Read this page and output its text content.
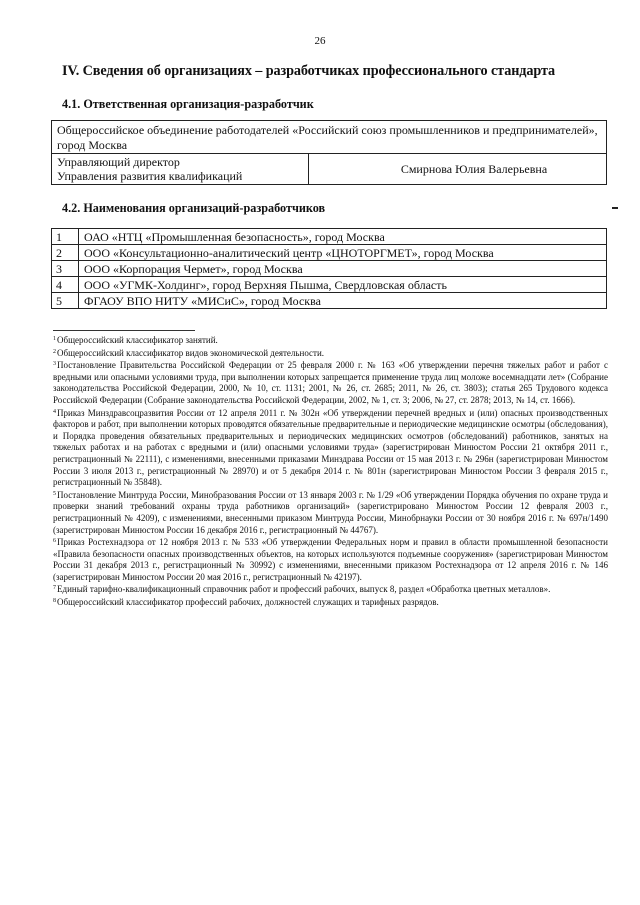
26
IV. Сведения об организациях – разработчиках профессионального стандарта
4.1. Ответственная организация-разработчик
Общероссийское объединение работодателей «Российский союз промышленников и предпринимателей», город Москва

Управляющий директор
Управления развития квалификаций	Смирнова Юлия Валерьевна
4.2. Наименования организаций-разработчиков
1	ОАО «НТЦ «Промышленная безопасность», город Москва
2	ООО «Консультационно-аналитический центр «ЦНОТОРГМЕТ», город Москва
3	ООО «Корпорация Чермет», город Москва
4	ООО «УГМК-Холдинг», город Верхняя Пышма, Свердловская область
5	ФГАОУ ВПО НИТУ «МИСиС», город Москва

$^1$Общероссийский классификатор занятий.

$^2$Общероссийский классификатор видов экономической деятельности.

$^3$Постановление Правительства Российской Федерации от 25 февраля 2000 г. № 163 «Об утверждении перечня тяжелых работ и работ с вредными или опасными условиями труда, при выполнении которых запрещается применение труда лиц моложе восемнадцати лет» (Собрание законодательства Российской Федерации, 2000, № 10, ст. 1131; 2001, № 26, ст. 2685; 2011, № 26, ст. 3803); статья 265 Трудового кодекса Российской Федерации (Собрание законодательства Российской Федерации, 2002, № 1, ст. 3; 2006, № 27, ст. 2878; 2013, № 14, ст. 1666).

$^4$Приказ Минздравсоцразвития России от 12 апреля 2011 г. № 302н «Об утверждении перечней вредных и (или) опасных производственных факторов и работ, при выполнении которых проводятся обязательные предварительные и периодические медицинские осмотры (обследования), и Порядка проведения обязательных предварительных и периодических медицинских осмотров (обследований) работников, занятых на тяжелых работах и на работах с вредными и (или) опасными условиями труда» (зарегистрирован Минюстом России 21 октября 2011 г., регистрационный № 22111), с изменениями, внесенными приказами Минздрава России от 15 мая 2013 г. № 296н (зарегистрирован Минюстом России 3 июля 2013 г., регистрационный № 28970) и от 5 декабря 2014 г. № 801н (зарегистрирован Минюстом России 3 февраля 2015 г., регистрационный № 35848).

$^5$Постановление Минтруда России, Минобразования России от 13 января 2003 г. № 1/29 «Об утверждении Порядка обучения по охране труда и проверки знаний требований охраны труда работников организаций» (зарегистрировано Минюстом России 12 февраля 2003 г., регистрационный № 4209), с изменениями, внесенными приказом Минтруда России, Минобрнауки России от 30 ноября 2016 г. № 697н/1490 (зарегистрирован Минюстом России 16 декабря 2016 г., регистрационный № 44767).

$^6$Приказ Ростехнадзора от 12 ноября 2013 г. № 533 «Об утверждении Федеральных норм и правил в области промышленной безопасности «Правила безопасности опасных производственных объектов, на которых используются подъемные сооружения» (зарегистрирован Минюстом России 31 декабря 2013 г., регистрационный № 30992) с изменениями, внесенными приказом Ростехнадзора от 12 апреля 2016 г. № 146 (зарегистрирован Минюстом России 20 мая 2016 г., регистрационный № 42197).

$^7$Единый тарифно-квалификационный справочник работ и профессий рабочих, выпуск 8, раздел «Обработка цветных металлов».

$^8$Общероссийский классификатор профессий рабочих, должностей служащих и тарифных разрядов.
